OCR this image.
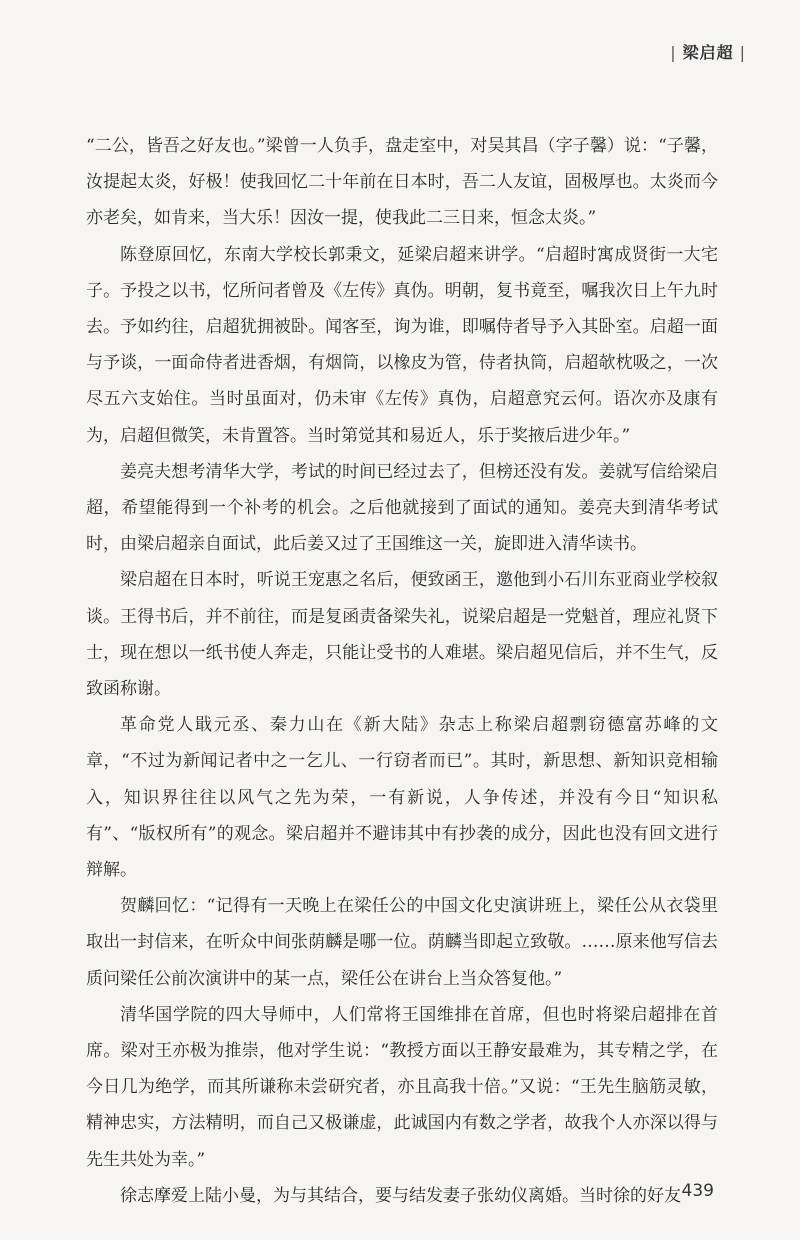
| 梁启超 |

“二公，皆吾之好友也。”梁曾一人负手，盘走室中，对吴其昌（字子馨）说：“子馨，汝提起太炎，好极！使我回忆二十年前在日本时，吾二人友谊，固极厚也。太炎而今亦老矣，如肯来，当大乐！因汝一提，使我此二三日来，恒念太炎。”

陈登原回忆，东南大学校长郭秉文，延梁启超来讲学。“启超时寓成贤街一大宅子。予投之以书，忆所问者曾及《左传》真伪。明朝，复书竟至，嘱我次日上午九时去。予如约往，启超犹拥被卧。闻客至，询为谁，即嘱侍者导予入其卧室。启超一面与予谈，一面命侍者进香烟，有烟筒，以橡皮为管，侍者执筒，启超欹枕吸之，一次尽五六支始住。当时虽面对，仍未审《左传》真伪，启超意究云何。语次亦及康有为，启超但微笑，未肯置答。当时第觉其和易近人，乐于奖掖后进少年。”

姜亮夫想考清华大学，考试的时间已经过去了，但榜还没有发。姜就写信给梁启超，希望能得到一个补考的机会。之后他就接到了面试的通知。姜亮夫到清华考试时，由梁启超亲自面试，此后姜又过了王国维这一关，旋即进入清华读书。

梁启超在日本时，听说王宠惠之名后，便致函王，邀他到小石川东亚商业学校叙谈。王得书后，并不前往，而是复函责备梁失礼，说梁启超是一党魁首，理应礼贤下士，现在想以一纸书使人奔走，只能让受书的人难堪。梁启超见信后，并不生气，反致函称谢。

革命党人戢元丞、秦力山在《新大陆》杂志上称梁启超剽窃德富苏峰的文章，“不过为新闻记者中之一乞儿、一行窃者而已”。其时，新思想、新知识竞相输入，知识界往往以风气之先为荣，一有新说，人争传述，并没有今日“知识私有”、“版权所有”的观念。梁启超并不避讳其中有抄袭的成分，因此也没有回文进行辩解。

贺麟回忆：“记得有一天晚上在梁任公的中国文化史演讲班上，梁任公从衣袋里取出一封信来，在听众中间张荫麟是哪一位。荫麟当即起立致敬。……原来他写信去质问梁任公前次演讲中的某一点，梁任公在讲台上当众答复他。”

清华国学院的四大导师中，人们常将王国维排在首席，但也时将梁启超排在首席。梁对王亦极为推崇，他对学生说：“教授方面以王静安最难为，其专精之学，在今日几为绝学，而其所谦称未尝研究者，亦且高我十倍。”又说：“王先生脑筋灵敏，精神忠实，方法精明，而自己又极谦虚，此诚国内有数之学者，故我个人亦深以得与先生共处为幸。”

徐志摩爱上陆小曼，为与其结合，要与结发妻子张幼仪离婚。当时徐的好友 439
